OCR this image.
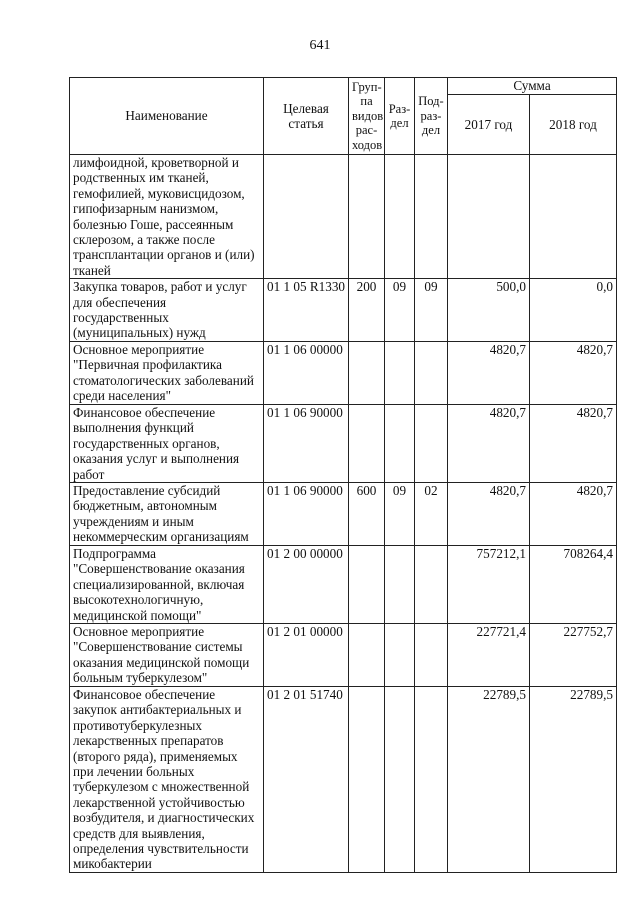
641
Наименование	Целевая статья	Груп-па видов рас-ходов	Раз-дел	Под-раз-дел	Сумма	
					2017 год	2018 год
лимфоидной, кроветворной и родственных им тканей, гемофилией, муковисцидозом, гипофизарным нанизмом, болезнью Гоше, рассеянным склерозом, а также после трансплантации органов и (или) тканей						
Закупка товаров, работ и услуг для обеспечения государственных (муниципальных) нужд	01 1 05 R1330	200	09	09	500,0	0,0
Основное мероприятие "Первичная профилактика стоматологических заболеваний среди населения"	01 1 06 00000				4820,7	4820,7
Финансовое обеспечение выполнения функций государственных органов, оказания услуг и выполнения работ	01 1 06 90000				4820,7	4820,7
Предоставление субсидий бюджетным, автономным учреждениям и иным некоммерческим организациям	01 1 06 90000	600	09	02	4820,7	4820,7
Подпрограмма "Совершенствование оказания специализированной, включая высокотехнологичную, медицинской помощи"	01 2 00 00000				757212,1	708264,4
Основное мероприятие "Совершенствование системы оказания медицинской помощи больным туберкулезом"	01 2 01 00000				227721,4	227752,7
Финансовое обеспечение закупок антибактериальных и противотуберкулезных лекарственных препаратов (второго ряда), применяемых при лечении больных туберкулезом с множественной лекарственной устойчивостью возбудителя, и диагностических средств для выявления, определения чувствительности микобактерии	01 2 01 51740				22789,5	22789,5
